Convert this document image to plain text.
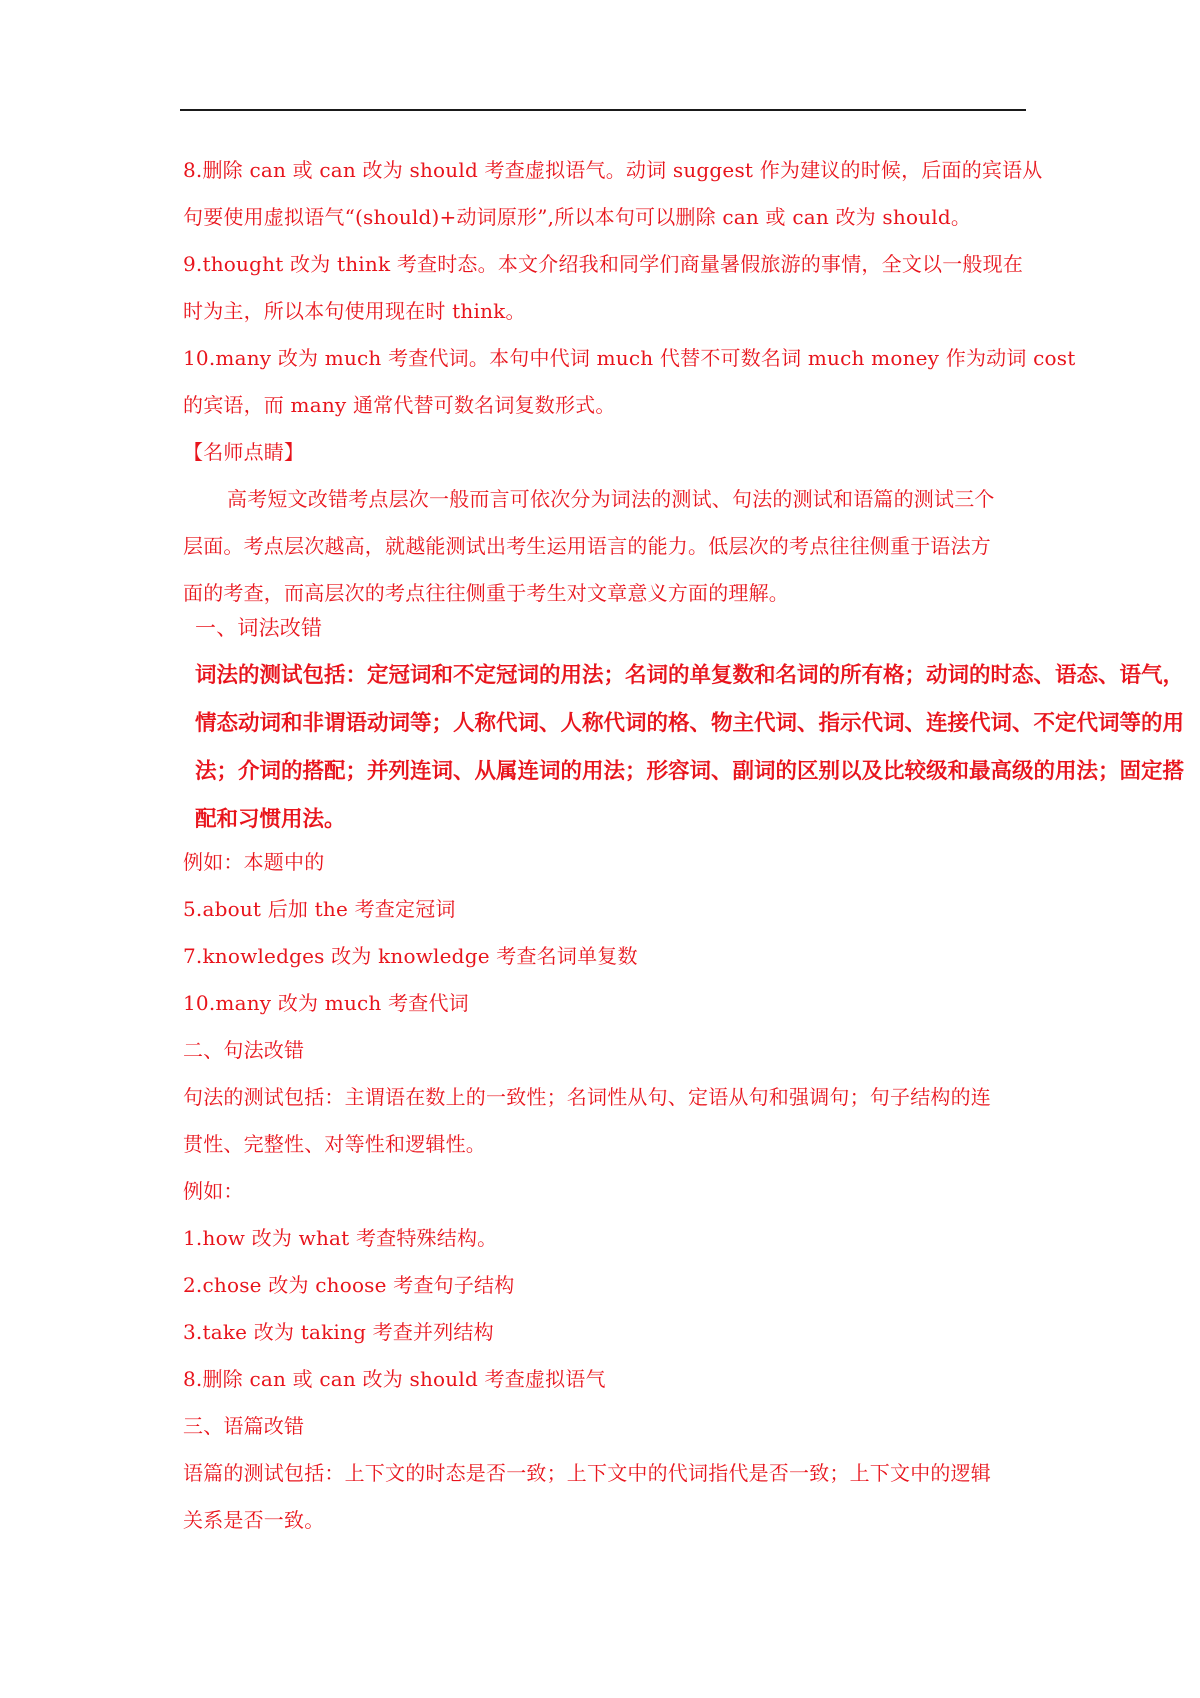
8.删除 can 或 can 改为 should 考查虚拟语气。动词 suggest 作为建议的时候，后面的宾语从

句要使用虚拟语气“(should)+动词原形”,所以本句可以删除 can 或 can 改为 should。

9.thought 改为 think 考查时态。本文介绍我和同学们商量暑假旅游的事情，全文以一般现在

时为主，所以本句使用现在时 think。

10.many 改为 much 考查代词。本句中代词 much 代替不可数名词 much money 作为动词 cost

的宾语，而 many 通常代替可数名词复数形式。

【名师点睛】

高考短文改错考点层次一般而言可依次分为词法的测试、句法的测试和语篇的测试三个

层面。考点层次越高，就越能测试出考生运用语言的能力。低层次的考点往往侧重于语法方

面的考查，而高层次的考点往往侧重于考生对文章意义方面的理解。

一、词法改错

词法的测试包括：定冠词和不定冠词的用法；名词的单复数和名词的所有格；动词的时态、语态、语气，

情态动词和非谓语动词等；人称代词、人称代词的格、物主代词、指示代词、连接代词、不定代词等的用

法；介词的搭配；并列连词、从属连词的用法；形容词、副词的区别以及比较级和最高级的用法；固定搭

配和习惯用法。

例如：本题中的

5.about 后加 the 考查定冠词

7.knowledges 改为 knowledge 考查名词单复数

10.many 改为 much 考查代词

二、句法改错

句法的测试包括：主谓语在数上的一致性；名词性从句、定语从句和强调句；句子结构的连

贯性、完整性、对等性和逻辑性。

例如：

1.how 改为 what 考查特殊结构。

2.chose 改为 choose 考查句子结构

3.take 改为 taking 考查并列结构

8.删除 can 或 can 改为 should 考查虚拟语气

三、语篇改错

语篇的测试包括：上下文的时态是否一致；上下文中的代词指代是否一致；上下文中的逻辑

关系是否一致。
